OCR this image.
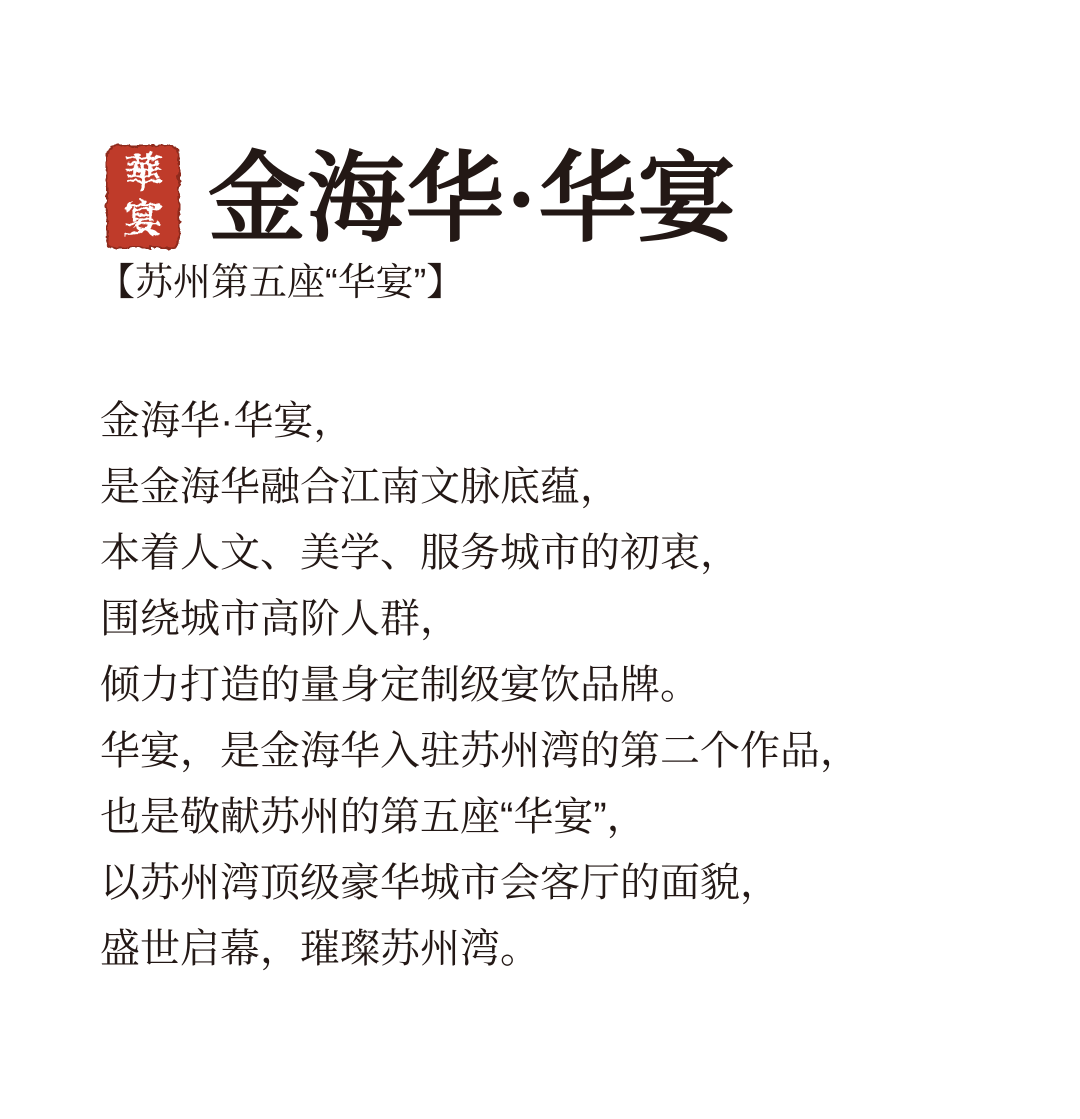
華
宴 金海华·华宴
【苏州第五座“华宴”】
金海华·华宴，
是金海华融合江南文脉底蕴，
本着人文、美学、服务城市的初衷，
围绕城市高阶人群，
倾力打造的量身定制级宴饮品牌。
华宴，是金海华入驻苏州湾的第二个作品，
也是敬献苏州的第五座“华宴”，
以苏州湾顶级豪华城市会客厅的面貌，
盛世启幕，璀璨苏州湾。
